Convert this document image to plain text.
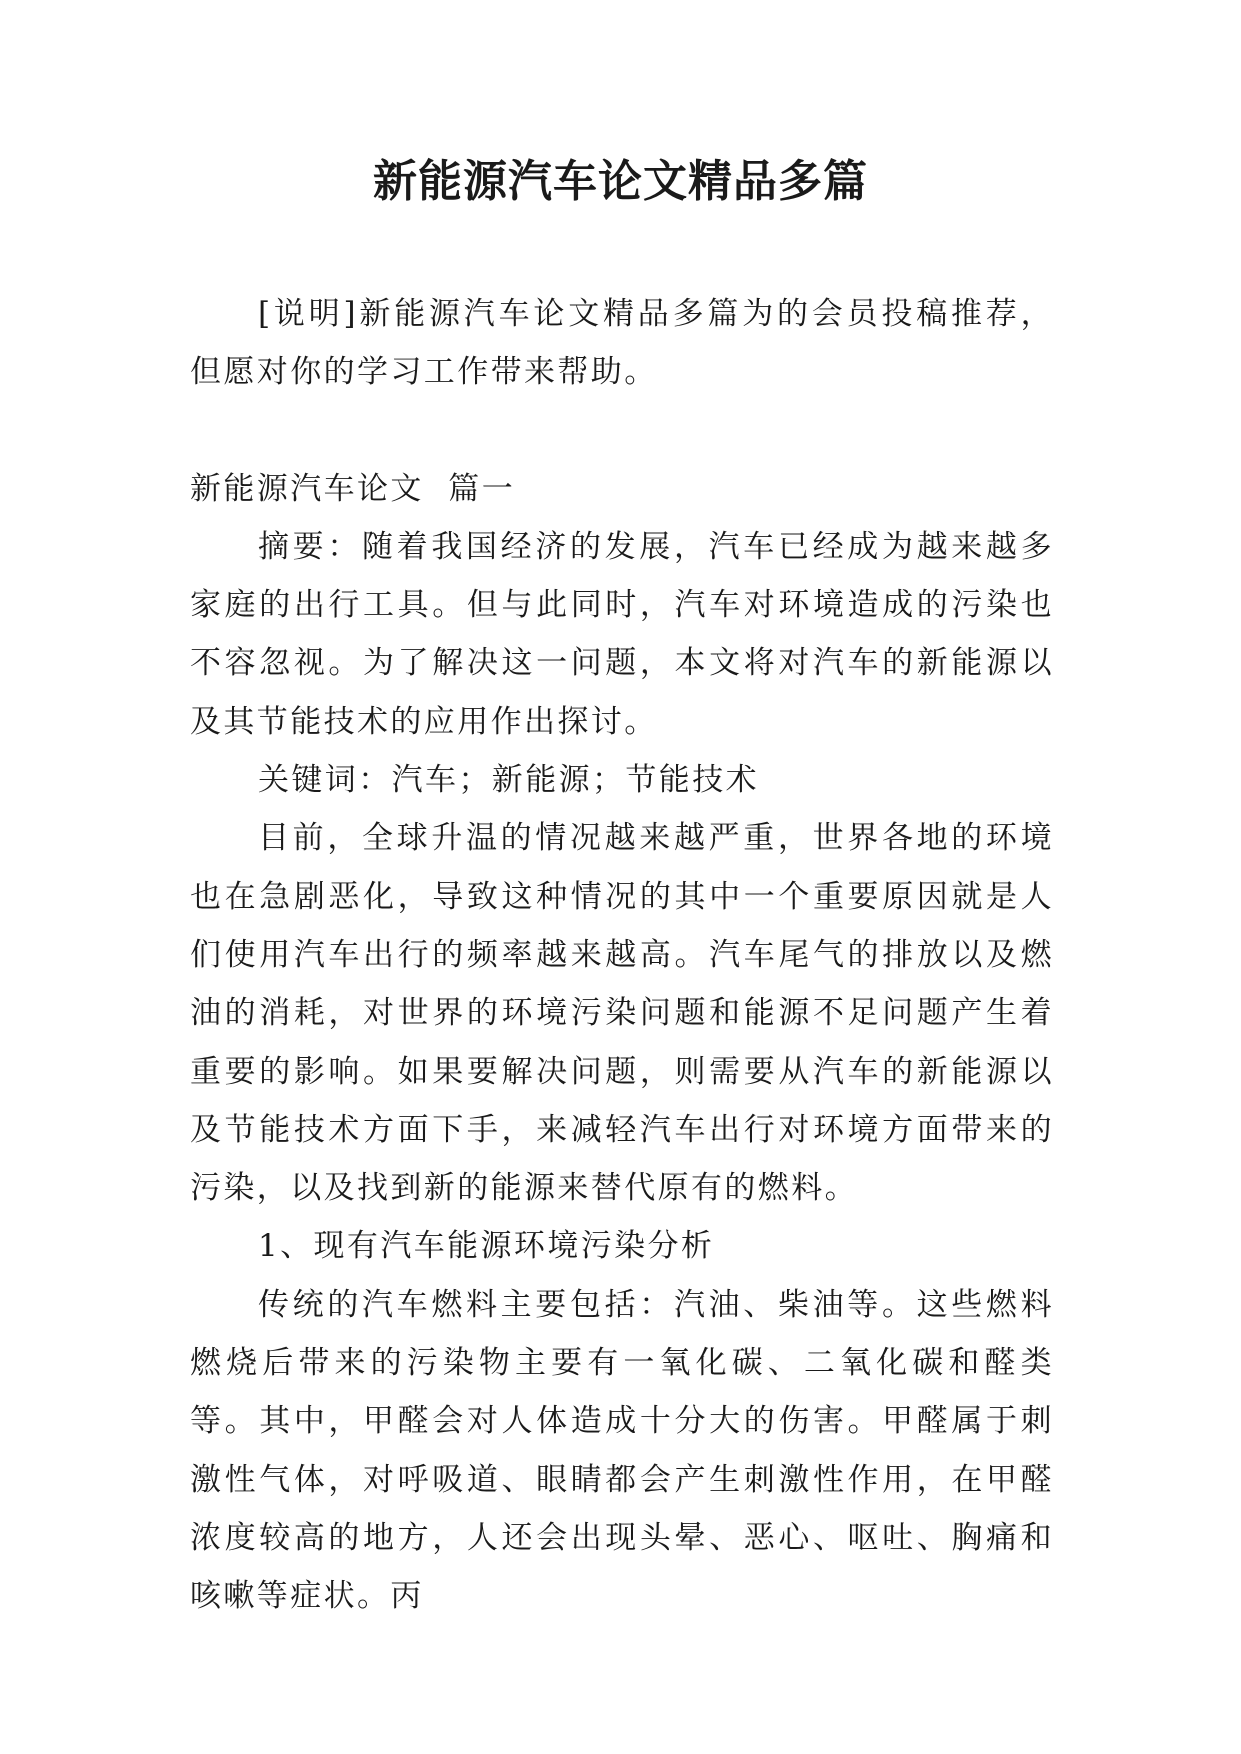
新能源汽车论文精品多篇

[说明]新能源汽车论文精品多篇为的会员投稿推荐，但愿对你的学习工作带来帮助。

新能源汽车论文  篇一

摘要：随着我国经济的发展，汽车已经成为越来越多家庭的出行工具。但与此同时，汽车对环境造成的污染也不容忽视。为了解决这一问题，本文将对汽车的新能源以及其节能技术的应用作出探讨。

关键词：汽车；新能源；节能技术

目前，全球升温的情况越来越严重，世界各地的环境也在急剧恶化，导致这种情况的其中一个重要原因就是人们使用汽车出行的频率越来越高。汽车尾气的排放以及燃油的消耗，对世界的环境污染问题和能源不足问题产生着重要的影响。如果要解决问题，则需要从汽车的新能源以及节能技术方面下手，来减轻汽车出行对环境方面带来的污染，以及找到新的能源来替代原有的燃料。

1、现有汽车能源环境污染分析

传统的汽车燃料主要包括：汽油、柴油等。这些燃料燃烧后带来的污染物主要有一氧化碳、二氧化碳和醛类等。其中，甲醛会对人体造成十分大的伤害。甲醛属于刺激性气体，对呼吸道、眼睛都会产生刺激性作用，在甲醛浓度较高的地方，人还会出现头晕、恶心、呕吐、胸痛和咳嗽等症状。丙
